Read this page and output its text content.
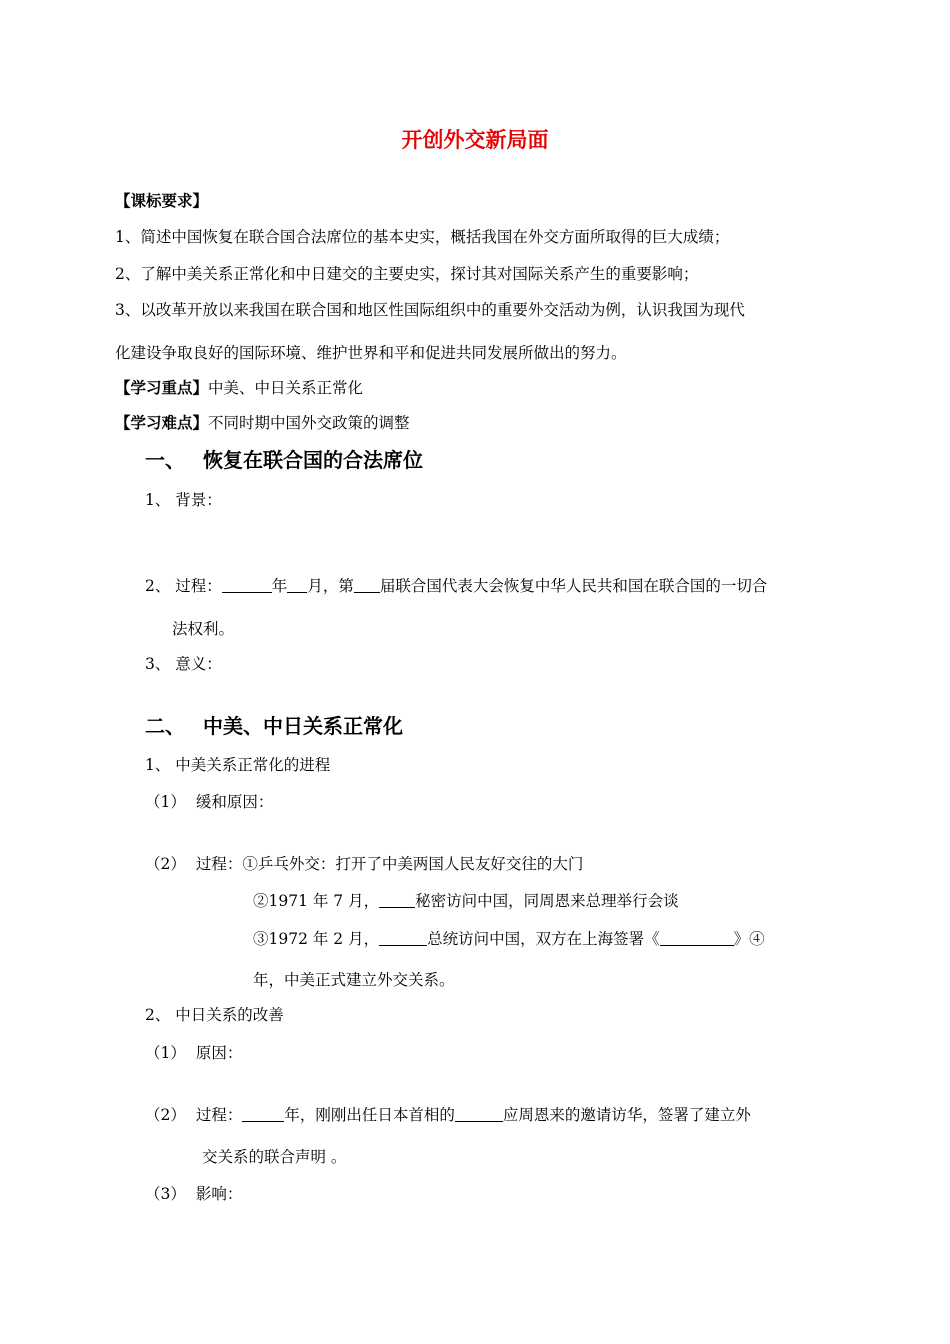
开创外交新局面
【课标要求】
1、简述中国恢复在联合国合法席位的基本史实，概括我国在外交方面所取得的巨大成绩；
2、了解中美关系正常化和中日建交的主要史实，探讨其对国际关系产生的重要影响；
3、以改革开放以来我国在联合国和地区性国际组织中的重要外交活动为例，认识我国为现代
化建设争取良好的国际环境、维护世界和平和促进共同发展所做出的努力。
【学习重点】中美、中日关系正常化
【学习难点】不同时期中国外交政策的调整
一、 恢复在联合国的合法席位
1、 背景：
2、 过程：	年 月，第 届联合国代表大会恢复中华人民共和国在联合国的一切合
法权利。
3、 意义：
二、 中美、中日关系正常化
1、 中美关系正常化的进程
（1） 缓和原因：
（2） 过程：①乒乓外交：打开了中美两国人民友好交往的大门
②1971 年 7 月， 秘密访问中国，同周恩来总理举行会谈
③1972 年 2 月，	总统访问中国，双方在上海签署《	》④
年，中美正式建立外交关系。
2、 中日关系的改善
（1） 原因：
（2） 过程：	年，刚刚出任日本首相的	应周恩来的邀请访华，签署了建立外
交关系的联合声明 。
（3） 影响：
